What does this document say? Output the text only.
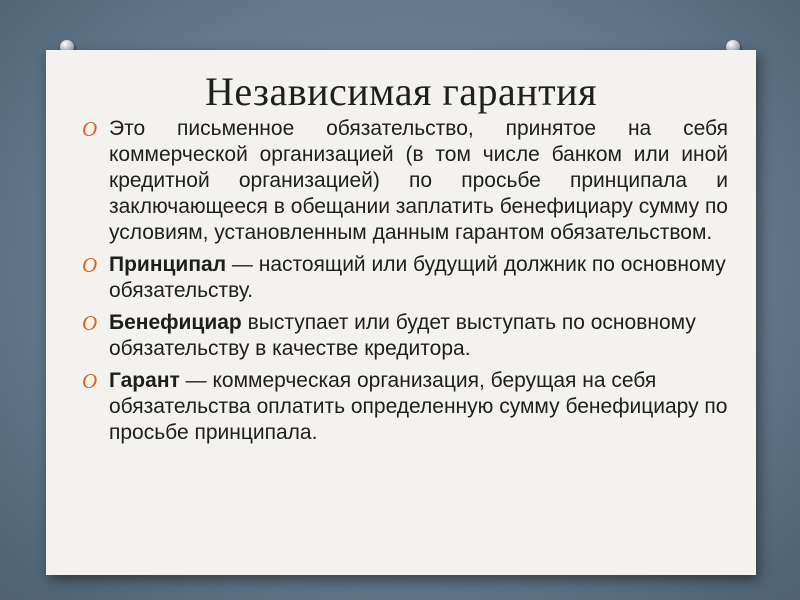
Независимая гарантия
O Это письменное обязательство, принятое на себя коммерческой организацией (в том числе банком или иной кредитной организацией) по просьбе принципала и заключающееся в обещании заплатить бенефициару сумму по условиям, установленным данным гарантом обязательством.
O Принципал — настоящий или будущий должник по основному обязательству.
O Бенефициар выступает или будет выступать по основному обязательству в качестве кредитора.
O Гарант — коммерческая организация, берущая на себя обязательства оплатить определенную сумму бенефициару по просьбе принципала.
